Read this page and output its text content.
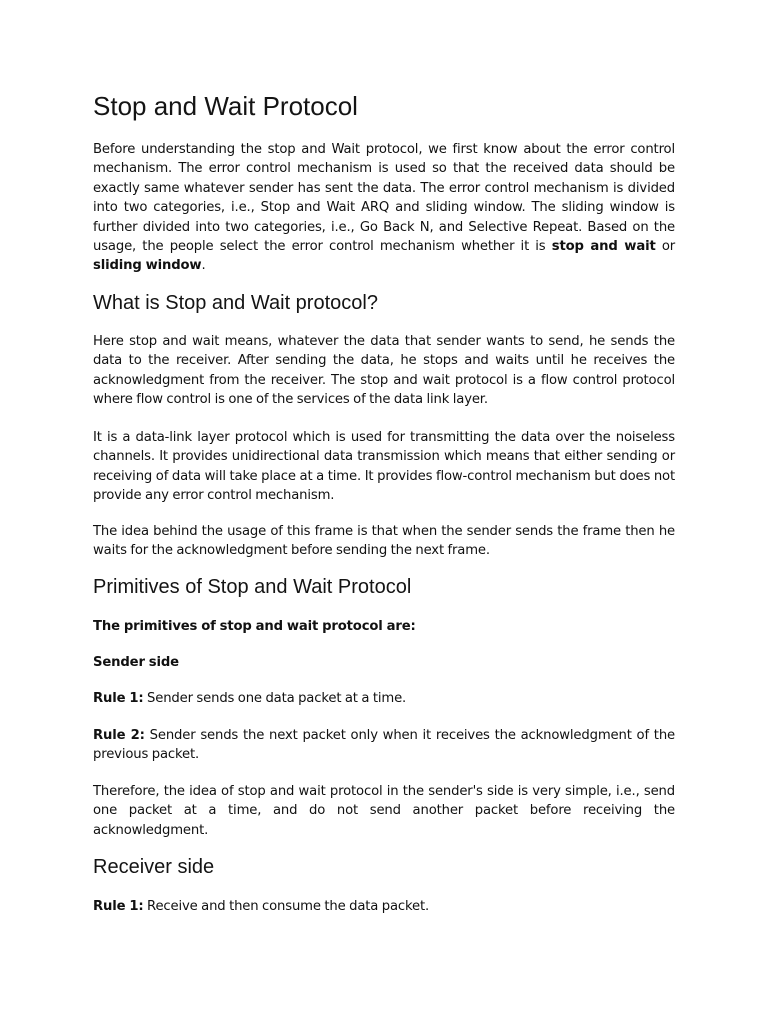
Stop and Wait Protocol

Before understanding the stop and Wait protocol, we first know about the error control mechanism. The error control mechanism is used so that the received data should be exactly same whatever sender has sent the data. The error control mechanism is divided into two categories, i.e., Stop and Wait ARQ and sliding window. The sliding window is further divided into two categories, i.e., Go Back N, and Selective Repeat. Based on the usage, the people select the error control mechanism whether it is stop and wait or sliding window.

What is Stop and Wait protocol?

Here stop and wait means, whatever the data that sender wants to send, he sends the data to the receiver. After sending the data, he stops and waits until he receives the acknowledgment from the receiver. The stop and wait protocol is a flow control protocol where flow control is one of the services of the data link layer.

It is a data-link layer protocol which is used for transmitting the data over the noiseless channels. It provides unidirectional data transmission which means that either sending or receiving of data will take place at a time. It provides flow-control mechanism but does not provide any error control mechanism.

The idea behind the usage of this frame is that when the sender sends the frame then he waits for the acknowledgment before sending the next frame.

Primitives of Stop and Wait Protocol

The primitives of stop and wait protocol are:

Sender side

Rule 1: Sender sends one data packet at a time.

Rule 2: Sender sends the next packet only when it receives the acknowledgment of the previous packet.

Therefore, the idea of stop and wait protocol in the sender's side is very simple, i.e., send one packet at a time, and do not send another packet before receiving the acknowledgment.

Receiver side

Rule 1: Receive and then consume the data packet.
